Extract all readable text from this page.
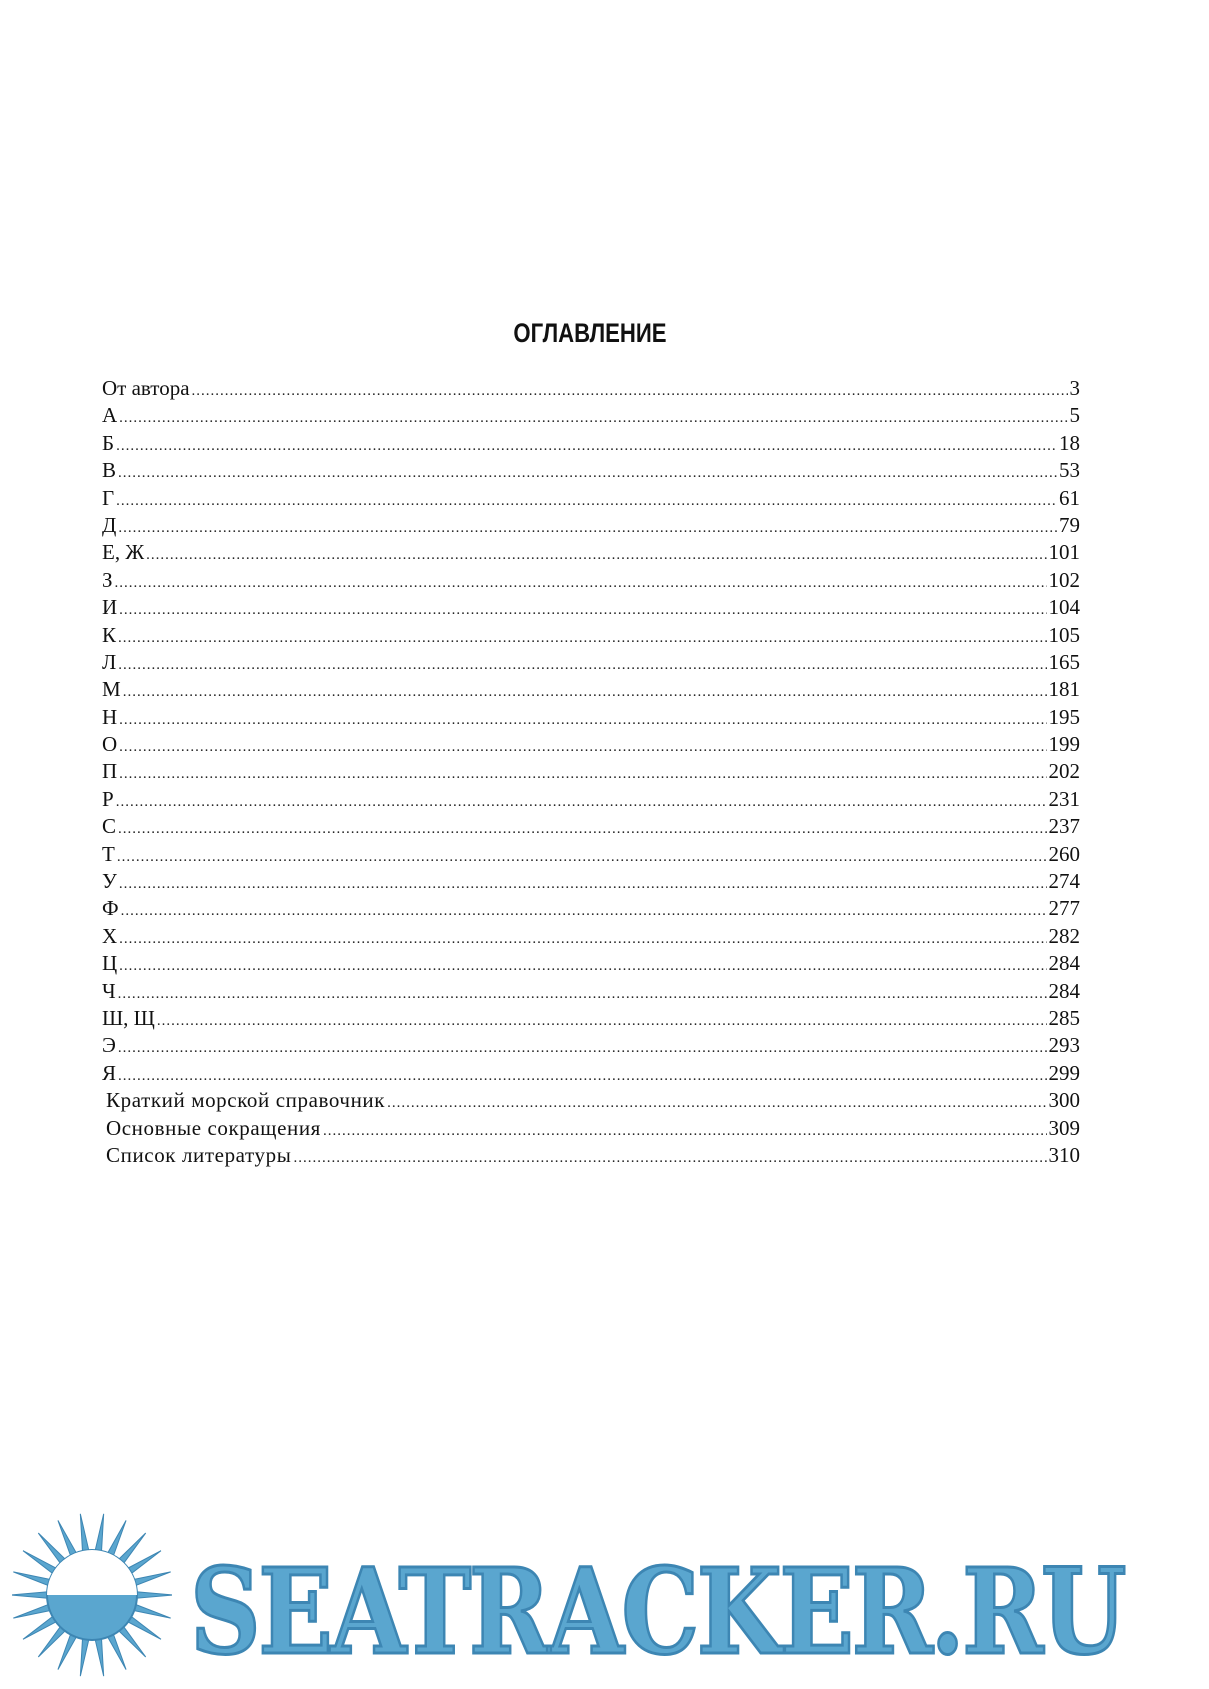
ОГЛАВЛЕНИЕ
От автора .....	3
А .....	5
Б .....	18
В .....	53
Г .....	61
Д .....	79
Е, Ж .....	101
З .....	102
И .....	104
К .....	105
Л .....	165
М .....	181
Н .....	195
О .....	199
П .....	202
Р .....	231
С .....	237
Т .....	260
У .....	274
Ф .....	277
Х .....	282
Ц .....	284
Ч .....	284
Ш, Щ .....	285
Э .....	293
Я .....	299
Краткий морской справочник .....	300
Основные сокращения .....	309
Список литературы .....	310
SEATRACKER.RU
